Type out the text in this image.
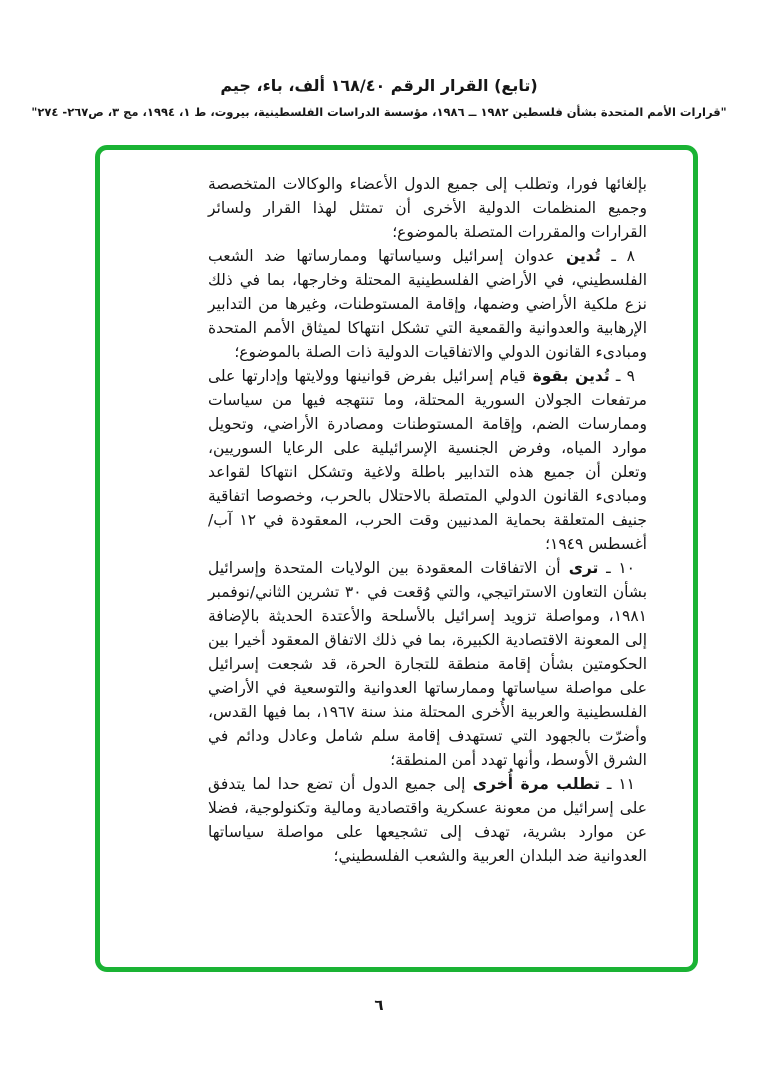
(تابع) القرار الرقم ١٦٨/٤٠ ألف، باء، جيم
"قرارات الأمم المتحدة بشأن فلسطين ١٩٨٢ ــ ١٩٨٦، مؤسسة الدراسات الفلسطينية، بيروت، ط ١، ١٩٩٤، مج ٣، ص٢٦٧- ٢٧٤"

بإلغائها فورا، وتطلب إلى جميع الدول الأعضاء والوكالات المتخصصة وجميع المنظمات الدولية الأخرى أن تمتثل لهذا القرار ولسائر القرارات والمقررات المتصلة بالموضوع؛

٨ ـ تُدين عدوان إسرائيل وسياساتها وممارساتها ضد الشعب الفلسطيني، في الأراضي الفلسطينية المحتلة وخارجها، بما في ذلك نزع ملكية الأراضي وضمها، وإقامة المستوطنات، وغيرها من التدابير الإرهابية والعدوانية والقمعية التي تشكل انتهاكا لميثاق الأمم المتحدة ومبادىء القانون الدولي والاتفاقيات الدولية ذات الصلة بالموضوع؛

٩ ـ تُدين بقوة قيام إسرائيل بفرض قوانينها وولايتها وإدارتها على مرتفعات الجولان السورية المحتلة، وما تنتهجه فيها من سياسات وممارسات الضم، وإقامة المستوطنات ومصادرة الأراضي، وتحويل موارد المياه، وفرض الجنسية الإسرائيلية على الرعايا السوريين، وتعلن أن جميع هذه التدابير باطلة ولاغية وتشكل انتهاكا لقواعد ومبادىء القانون الدولي المتصلة بالاحتلال بالحرب، وخصوصا اتفاقية جنيف المتعلقة بحماية المدنيين وقت الحرب، المعقودة في ١٢ آب/أغسطس ١٩٤٩؛

١٠ ـ ترى أن الاتفاقات المعقودة بين الولايات المتحدة وإسرائيل بشأن التعاون الاستراتيجي، والتي وُقعت في ٣٠ تشرين الثاني/نوفمبر ١٩٨١، ومواصلة تزويد إسرائيل بالأسلحة والأعتدة الحديثة بالإضافة إلى المعونة الاقتصادية الكبيرة، بما في ذلك الاتفاق المعقود أخيرا بين الحكومتين بشأن إقامة منطقة للتجارة الحرة، قد شجعت إسرائيل على مواصلة سياساتها وممارساتها العدوانية والتوسعية في الأراضي الفلسطينية والعربية الأُخرى المحتلة منذ سنة ١٩٦٧، بما فيها القدس، وأضرّت بالجهود التي تستهدف إقامة سلم شامل وعادل ودائم في الشرق الأوسط، وأنها تهدد أمن المنطقة؛

١١ ـ تطلب مرة أُخرى إلى جميع الدول أن تضع حدا لما يتدفق على إسرائيل من معونة عسكرية واقتصادية ومالية وتكنولوجية، فضلا عن موارد بشرية، تهدف إلى تشجيعها على مواصلة سياساتها العدوانية ضد البلدان العربية والشعب الفلسطيني؛

٦
